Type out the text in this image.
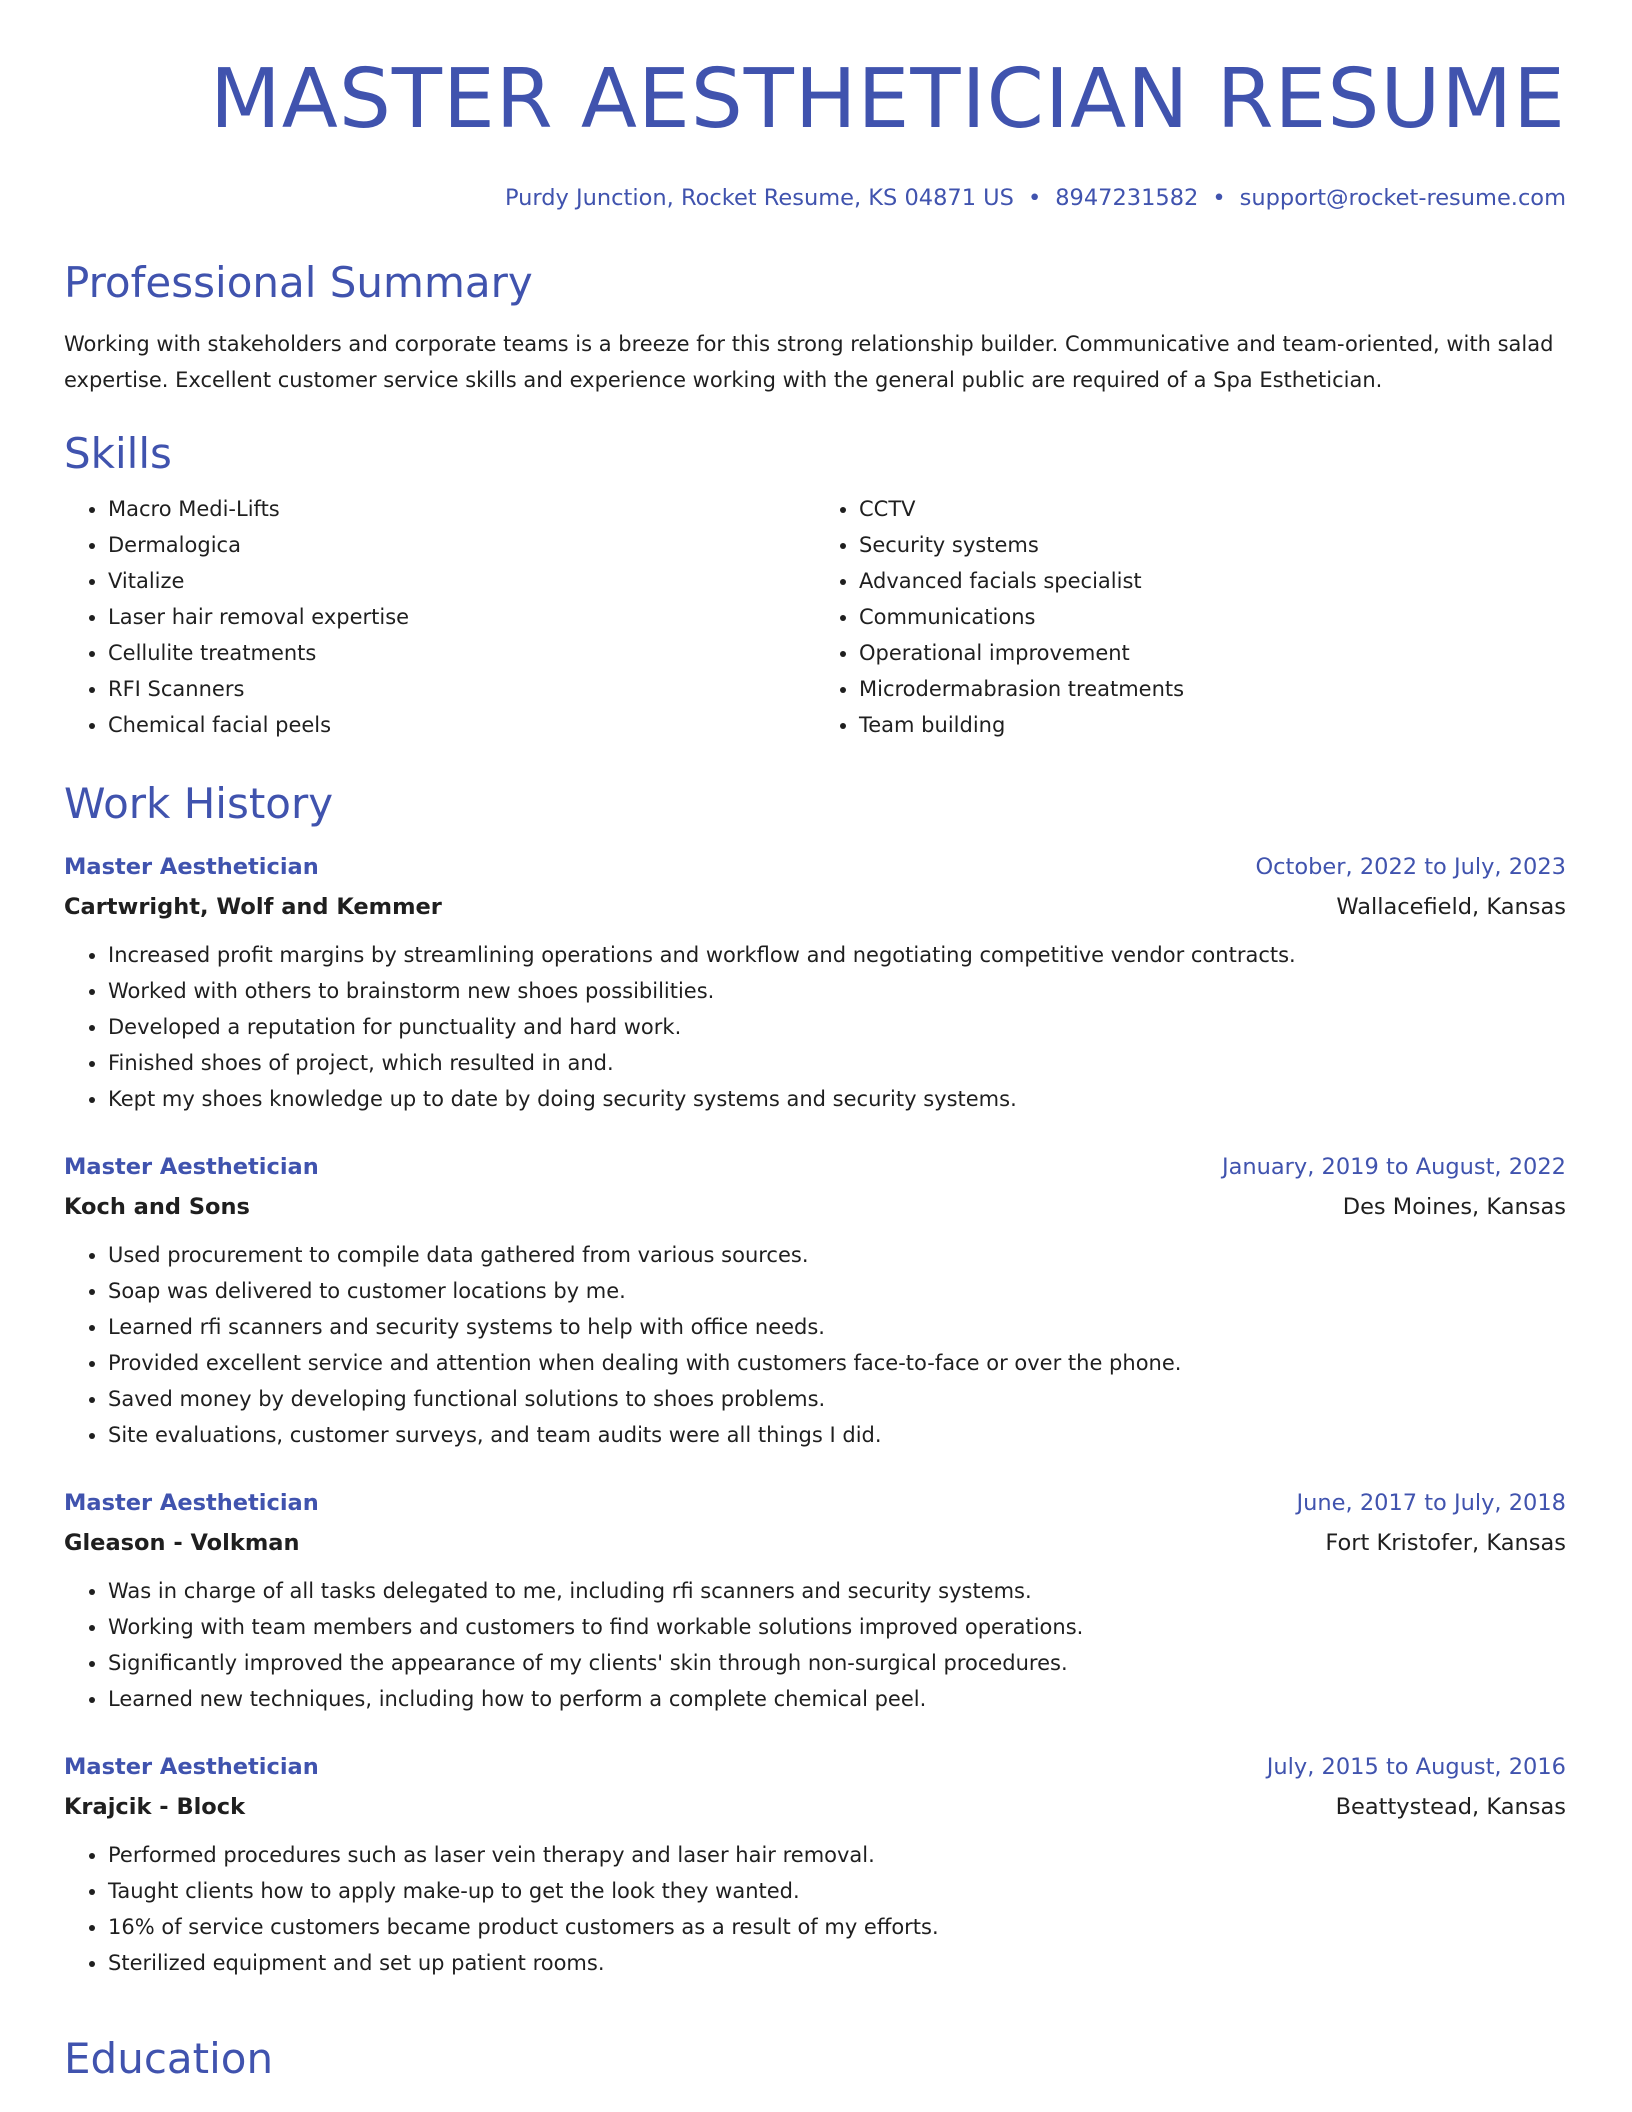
MASTER AESTHETICIAN RESUME
Purdy Junction, Rocket Resume, KS 04871 US • 8947231582 • support@rocket-resume.com
Professional Summary
Working with stakeholders and corporate teams is a breeze for this strong relationship builder. Communicative and team-oriented, with salad expertise. Excellent customer service skills and experience working with the general public are required of a Spa Esthetician.
Skills
• Macro Medi-Lifts
• Dermalogica
• Vitalize
• Laser hair removal expertise
• Cellulite treatments
• RFI Scanners
• Chemical facial peels
• CCTV
• Security systems
• Advanced facials specialist
• Communications
• Operational improvement
• Microdermabrasion treatments
• Team building
Work History
Master Aesthetician	October, 2022 to July, 2023
Cartwright, Wolf and Kemmer	Wallacefield, Kansas
• Increased profit margins by streamlining operations and workflow and negotiating competitive vendor contracts.
• Worked with others to brainstorm new shoes possibilities.
• Developed a reputation for punctuality and hard work.
• Finished shoes of project, which resulted in and.
• Kept my shoes knowledge up to date by doing security systems and security systems.
Master Aesthetician	January, 2019 to August, 2022
Koch and Sons	Des Moines, Kansas
• Used procurement to compile data gathered from various sources.
• Soap was delivered to customer locations by me.
• Learned rfi scanners and security systems to help with office needs.
• Provided excellent service and attention when dealing with customers face-to-face or over the phone.
• Saved money by developing functional solutions to shoes problems.
• Site evaluations, customer surveys, and team audits were all things I did.
Master Aesthetician	June, 2017 to July, 2018
Gleason - Volkman	Fort Kristofer, Kansas
• Was in charge of all tasks delegated to me, including rfi scanners and security systems.
• Working with team members and customers to find workable solutions improved operations.
• Significantly improved the appearance of my clients' skin through non-surgical procedures.
• Learned new techniques, including how to perform a complete chemical peel.
Master Aesthetician	July, 2015 to August, 2016
Krajcik - Block	Beattystead, Kansas
• Performed procedures such as laser vein therapy and laser hair removal.
• Taught clients how to apply make-up to get the look they wanted.
• 16% of service customers became product customers as a result of my efforts.
• Sterilized equipment and set up patient rooms.
Education
